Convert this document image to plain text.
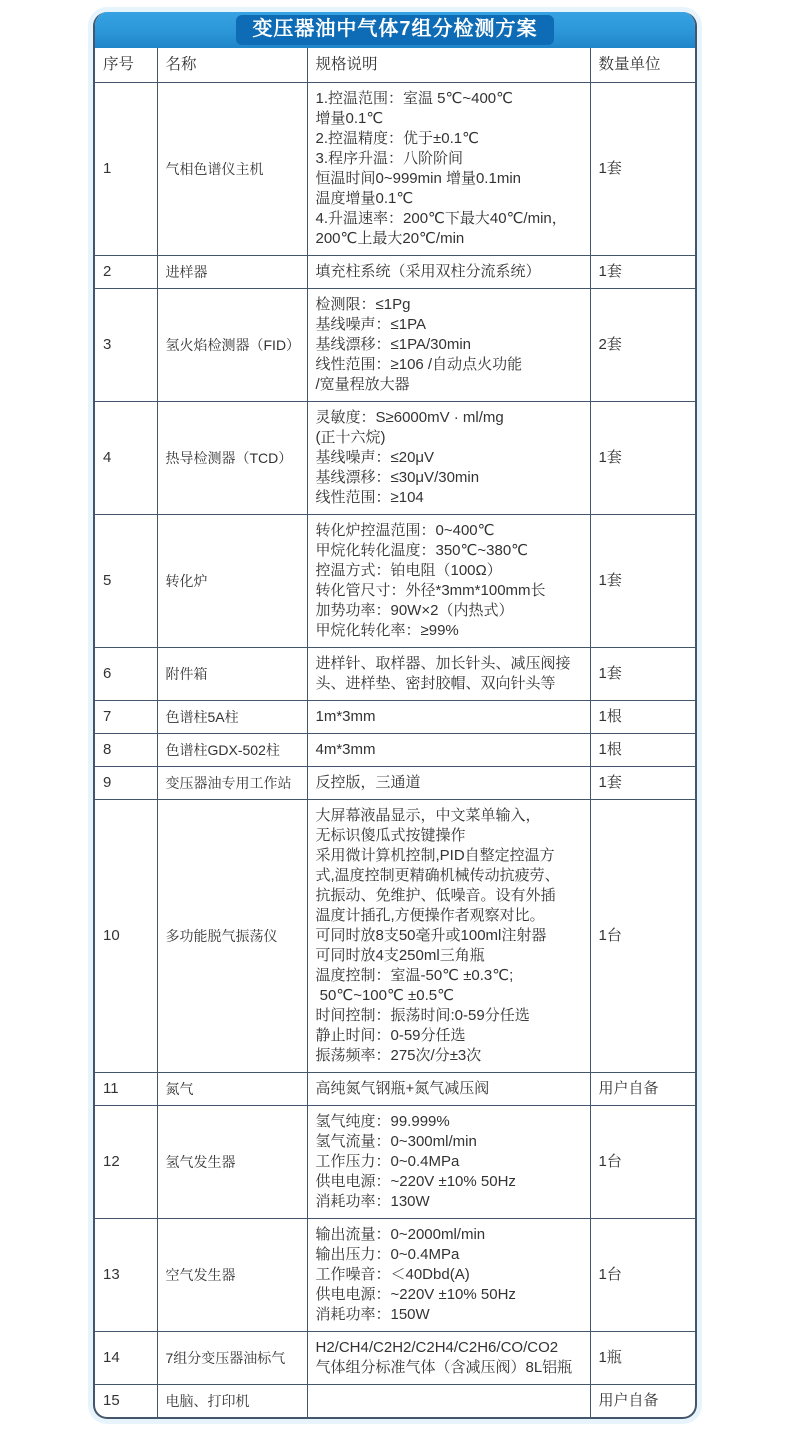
变压器油中气体7组分检测方案
序号	名称	规格说明	数量单位
1	气相色谱仪主机	
1.控温范围：室温 5℃~400℃
增量0.1℃
2.控温精度：优于±0.1℃
3.程序升温：八阶阶间
恒温时间0~999min 增量0.1min
温度增量0.1℃
4.升温速率：200℃下最大40℃/min，
200℃上最大20℃/min
	1套
2	进样器	填充柱系统（采用双柱分流系统）	1套
3	氢火焰检测器（FID）	检测限：≤1Pg
基线噪声：≤1PA
基线漂移：≤1PA/30min
线性范围：≥106 /自动点火功能
/宽量程放大器	2套
4	热导检测器（TCD）	灵敏度：S≥6000mV · ml/mg
(正十六烷)
基线噪声：≤20μV
基线漂移：≤30μV/30min
线性范围：≥104	1套
5	转化炉	
转化炉控温范围：0~400℃
甲烷化转化温度：350℃~380℃
控温方式：铂电阻（100Ω）
转化管尺寸：外径*3mm*100mm长
加势功率：90W×2（内热式）
甲烷化转化率：≥99%
	1套
6	附件箱	进样针、取样器、加长针头、减压阀接头、进样垫、密封胶帽、双向针头等	1套
7	色谱柱5A柱	1m*3mm	1根
8	色谱柱GDX-502柱	4m*3mm	1根
9	变压器油专用工作站	反控版，三通道	1套
10	多功能脱气振荡仪	
大屏幕液晶显示，中文菜单输入，
无标识傻瓜式按键操作
采用微计算机控制,PID自整定控温方
式,温度控制更精确机械传动抗疲劳、
抗振动、免维护、低噪音。设有外插
温度计插孔,方便操作者观察对比。
可同时放8支50毫升或100ml注射器
可同时放4支250ml三角瓶
温度控制：室温-50℃ ±0.3℃;
50℃~100℃ ±0.5℃
时间控制：振荡时间:0-59分任选
静止时间：0-59分任选
振荡频率：275次/分±3次
	1台
11	氮气	高纯氮气钢瓶+氮气减压阀	用户自备
12	氢气发生器	氢气纯度：99.999%
氢气流量：0~300ml/min
工作压力：0~0.4MPa
供电电源：~220V ±10% 50Hz
消耗功率：130W	1台
13	空气发生器	输出流量：0~2000ml/min
输出压力：0~0.4MPa
工作噪音：＜40Dbd(A)
供电电源：~220V ±10% 50Hz
消耗功率：150W	1台
14	7组分变压器油标气	H2/CH4/C2H2/C2H4/C2H6/CO/CO2
气体组分标准气体（含减压阀）8L铝瓶	1瓶
15	电脑、打印机		用户自备
